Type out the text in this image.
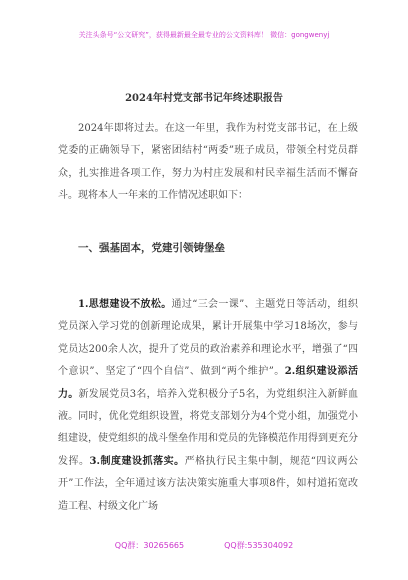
关注头条号“公文研究”，获得最新最全最专业的公文资料库！ 微信：gongwenyj
2024年村党支部书记年终述职报告
2024年即将过去。在这一年里，我作为村党支部书记，在上级党委的正确领导下，紧密团结村“两委”班子成员，带领全村党员群众，扎实推进各项工作，努力为村庄发展和村民幸福生活而不懈奋斗。现将本人一年来的工作情况述职如下：
一、强基固本，党建引领铸堡垒
1.思想建设不放松。通过“三会一课”、主题党日等活动，组织党员深入学习党的创新理论成果，累计开展集中学习18场次，参与党员达200余人次，提升了党员的政治素养和理论水平，增强了“四个意识”、坚定了“四个自信”、做到“两个维护”。2.组织建设添活力。新发展党员3名，培养入党积极分子5名，为党组织注入新鲜血液。同时，优化党组织设置，将党支部划分为4个党小组，加强党小组建设，使党组织的战斗堡垒作用和党员的先锋模范作用得到更充分发挥。3.制度建设抓落实。严格执行民主集中制，规范“四议两公开”工作法，全年通过该方法决策实施重大事项8件，如村道拓宽改造工程、村级文化广场
QQ群：30265665	QQ群:535304092
